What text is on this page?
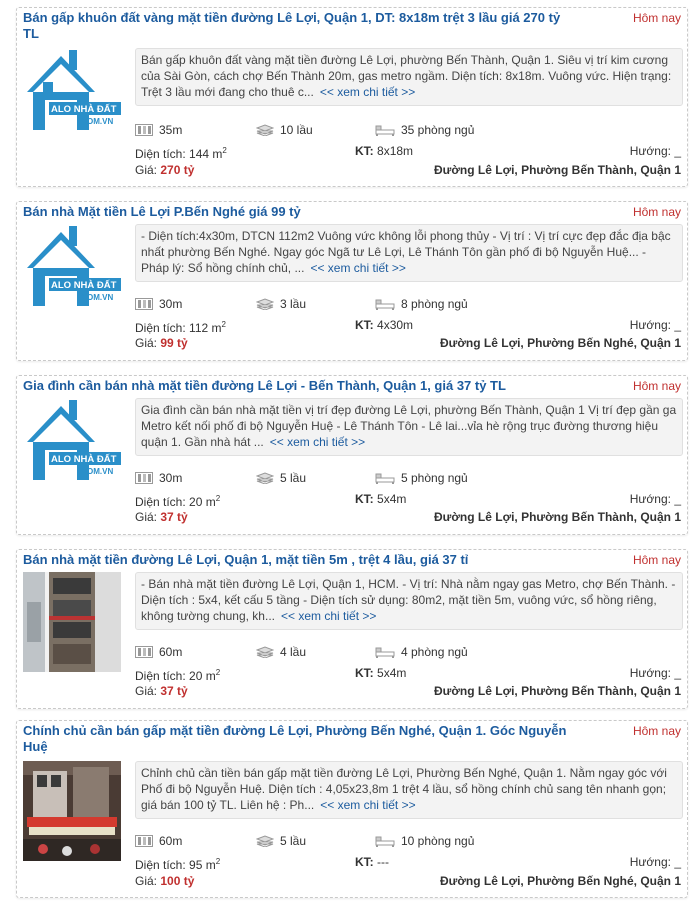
Bán gấp khuôn đất vàng mặt tiền đường Lê Lợi, Quận 1, DT: 8x18m trệt 3 lầu giá 270 tỷ TL
Hôm nay
ALO NHÀ ĐẤT
.COM.VN
Bán gấp khuôn đất vàng mặt tiền đường Lê Lợi, phường Bến Thành, Quận 1. Siêu vị trí kim cương của Sài Gòn, cách chợ Bến Thành 20m, gas metro ngầm. Diện tích: 8x18m. Vuông vức. Hiện trạng: Trệt 3 lầu mới đang cho thuê c... << xem chi tiết >>
35m	10 lầu	35 phòng ngủ
Diện tích: 144 $m^2$	KT: 8x18m	Hướng: _
Giá: 270 tỷ	Đường Lê Lợi, Phường Bến Thành, Quận 1
Bán nhà Mặt tiền Lê Lợi P.Bến Nghé giá 99 tỷ	Hôm nay
ALO NHÀ ĐẤT
.COM.VN
- Diện tích:4x30m, DTCN 112m2 Vuông vức không lỗi phong thủy - Vị trí : Vị trí cực đẹp đắc địa bậc nhất phường Bến Nghé. Ngay góc Ngã tư Lê Lợi, Lê Thánh Tôn gần phố đi bộ Nguyễn Huệ... - Pháp lý: Sổ hồng chính chủ, ... << xem chi tiết >>
30m	3 lầu	8 phòng ngủ
Diện tích: 112 $m^2$	KT: 4x30m	Hướng: _
Giá: 99 tỷ	Đường Lê Lợi, Phường Bến Nghé, Quận 1
Gia đình cần bán nhà mặt tiền đường Lê Lợi - Bến Thành, Quận 1, giá 37 tỷ TL	Hôm nay
ALO NHÀ ĐẤT
.COM.VN
Gia đình cần bán nhà mặt tiền vị trí đẹp đường Lê Lợi, phường Bến Thành, Quận 1 Vị trí đẹp gần ga Metro kết nối phố đi bộ Nguyễn Huệ - Lê Thánh Tôn - Lê lai...vỉa hè rộng trục đường thương hiệu quận 1. Gần nhà hát ... << xem chi tiết >>
30m	5 lầu	5 phòng ngủ
Diện tích: 20 $m^2$	KT: 5x4m	Hướng: _
Giá: 37 tỷ	Đường Lê Lợi, Phường Bến Thành, Quận 1
Bán nhà mặt tiền đường Lê Lợi, Quận 1, mặt tiền 5m , trệt 4 lầu, giá 37 tỉ	Hôm nay
- Bán nhà mặt tiền đường Lê Lợi, Quận 1, HCM. - Vị trí: Nhà nằm ngay gas Metro, chợ Bến Thành. - Diện tích : 5x4, kết cấu 5 tầng - Diện tích sử dụng: 80m2, mặt tiền 5m, vuông vức, sổ hồng riêng, không tường chung, kh... << xem chi tiết >>
60m	4 lầu	4 phòng ngủ
Diện tích: 20 $m^2$	KT: 5x4m	Hướng: _
Giá: 37 tỷ	Đường Lê Lợi, Phường Bến Thành, Quận 1
Chính chủ cần bán gấp mặt tiền đường Lê Lợi, Phường Bến Nghé, Quận 1. Góc Nguyễn Huệ
Hôm nay
Chỉnh chủ cần tiền bán gấp mặt tiền đường Lê Lợi, Phường Bến Nghé, Quận 1. Nằm ngay góc với Phố đi bộ Nguyễn Huệ. Diện tích : 4,05x23,8m 1 trệt 4 lầu, sổ hồng chính chủ sang tên nhanh gọn; giá bán 100 tỷ TL. Liên hệ : Ph... << xem chi tiết >>
60m	5 lầu	10 phòng ngủ
Diện tích: 95 $m^2$	KT: ---	Hướng: _
Giá: 100 tỷ	Đường Lê Lợi, Phường Bến Nghé, Quận 1
